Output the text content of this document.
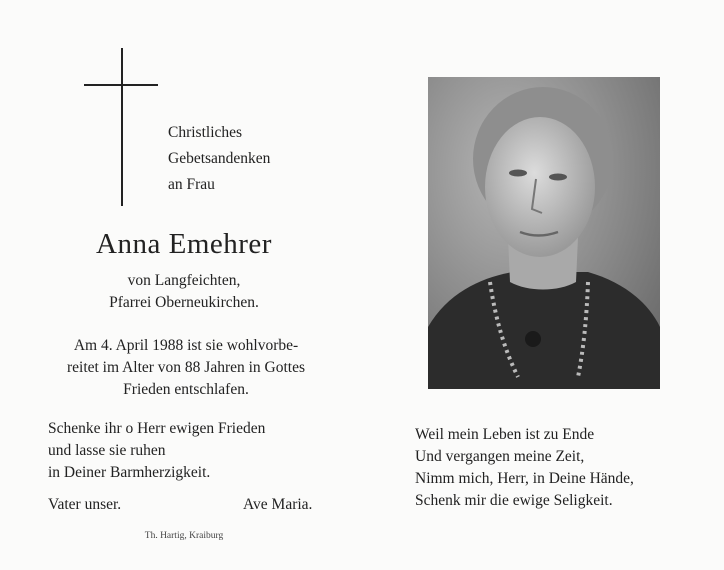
Christliches
Gebetsandenken
an Frau
Anna Emehrer
von Langfeichten,
Pfarrei Oberneukirchen.
Am 4. April 1988 ist sie wohlvorbe-
reitet im Alter von 88 Jahren in Gottes
Frieden entschlafen.
Schenke ihr o Herr ewigen Frieden
und lasse sie ruhen
in Deiner Barmherzigkeit.
Vater unser.	Ave Maria.
Th. Hartig, Kraiburg
Weil mein Leben ist zu Ende
Und vergangen meine Zeit,
Nimm mich, Herr, in Deine Hände,
Schenk mir die ewige Seligkeit.
